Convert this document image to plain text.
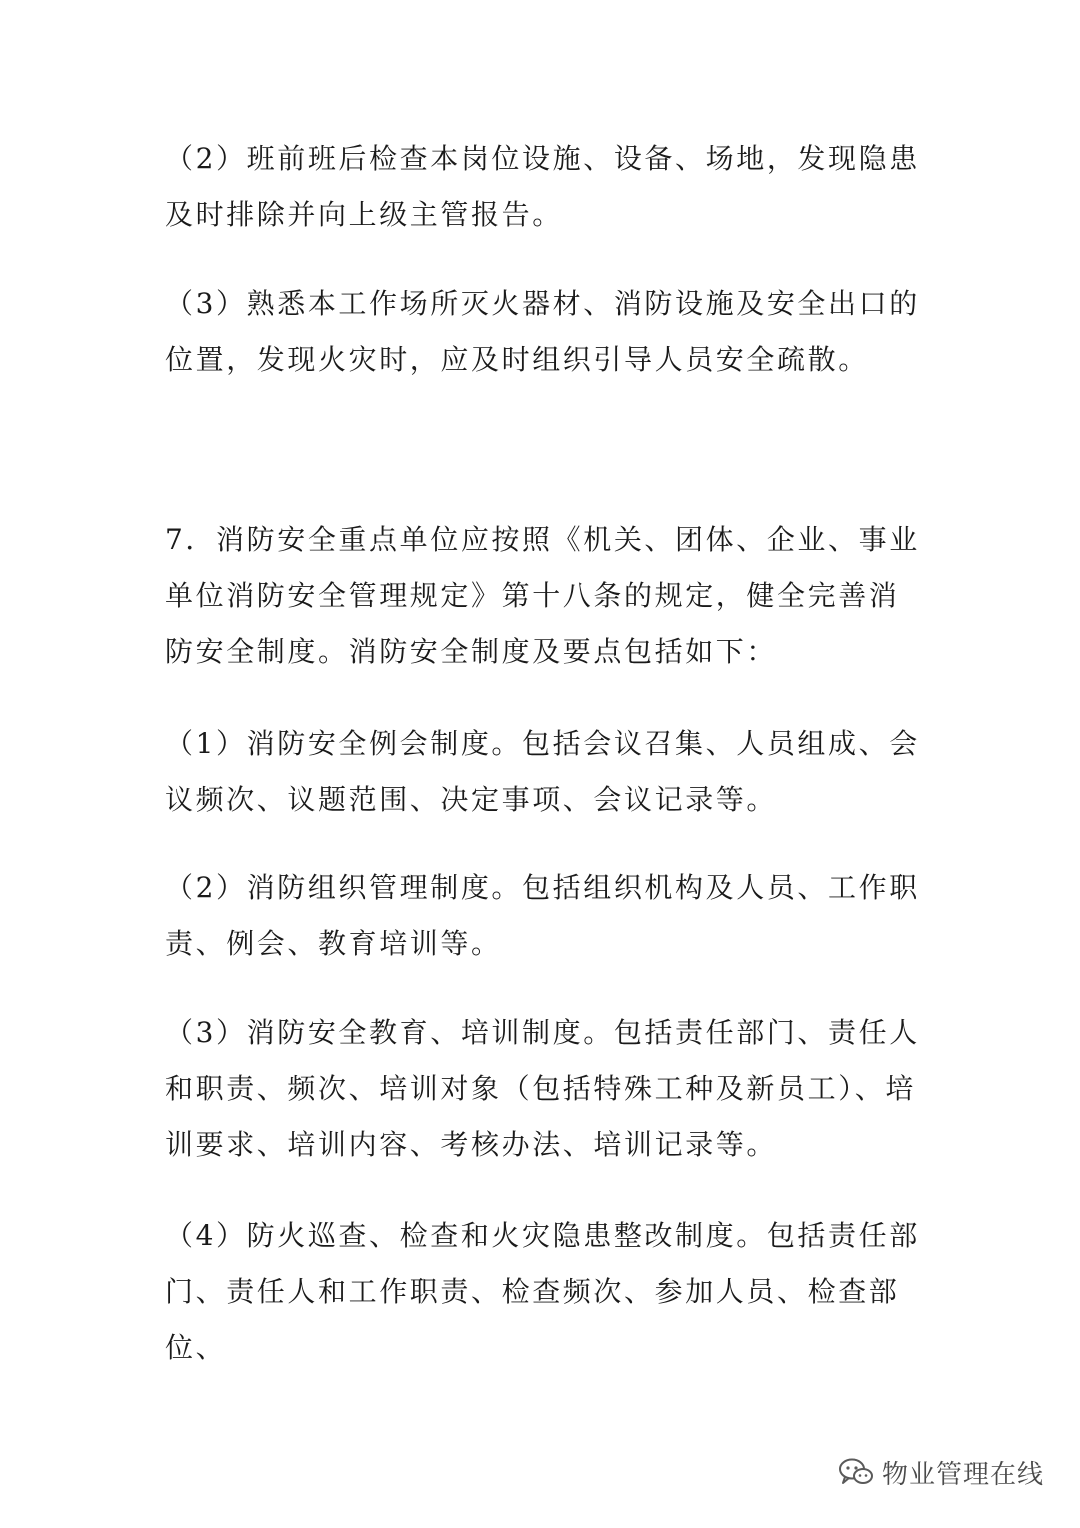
（2）班前班后检查本岗位设施、设备、场地，发现隐患及时排除并向上级主管报告。

（3）熟悉本工作场所灭火器材、消防设施及安全出口的位置，发现火灾时，应及时组织引导人员安全疏散。

7．消防安全重点单位应按照《机关、团体、企业、事业单位消防安全管理规定》第十八条的规定，健全完善消防安全制度。消防安全制度及要点包括如下：

（1）消防安全例会制度。包括会议召集、人员组成、会议频次、议题范围、决定事项、会议记录等。

（2）消防组织管理制度。包括组织机构及人员、工作职责、例会、教育培训等。

（3）消防安全教育、培训制度。包括责任部门、责任人和职责、频次、培训对象（包括特殊工种及新员工）、培训要求、培训内容、考核办法、培训记录等。

（4）防火巡查、检查和火灾隐患整改制度。包括责任部门、责任人和工作职责、检查频次、参加人员、检查部位、

物业管理在线
